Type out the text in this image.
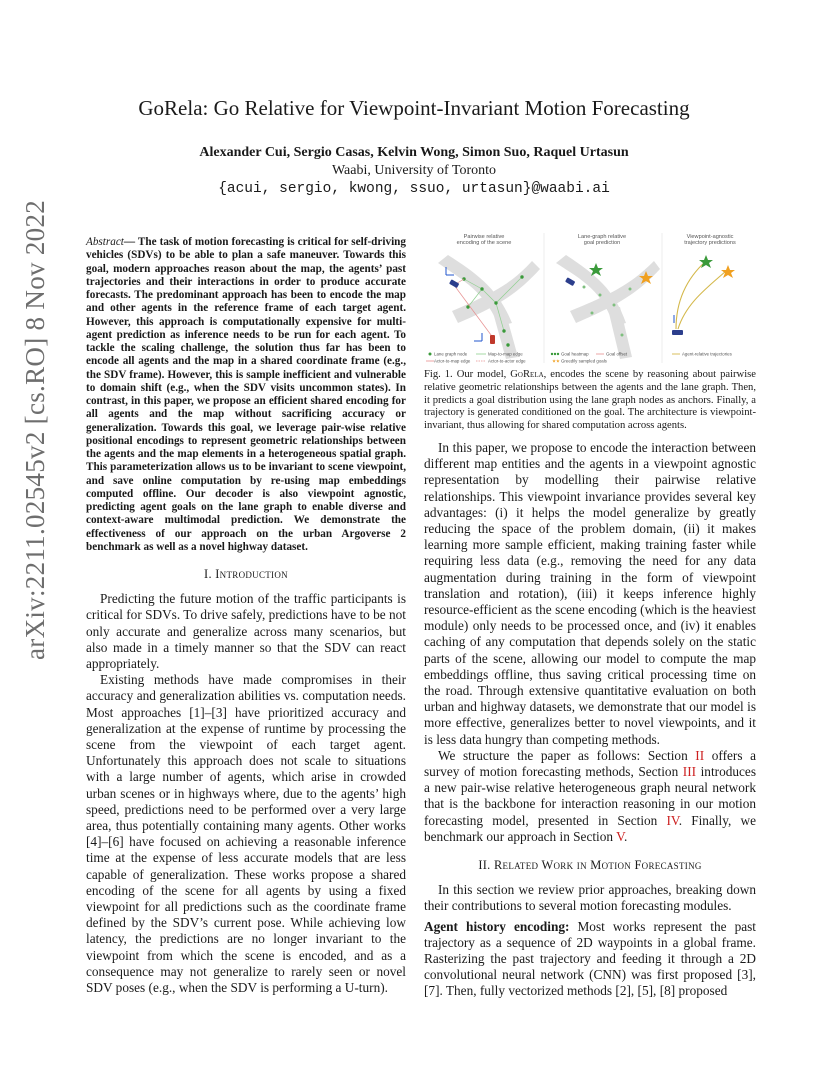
arXiv:2211.02545v2 [cs.RO] 8 Nov 2022
GoRela: Go Relative for Viewpoint-Invariant Motion Forecasting
Alexander Cui, Sergio Casas, Kelvin Wong, Simon Suo, Raquel Urtasun
Waabi, University of Toronto
{acui, sergio, kwong, ssuo, urtasun}@waabi.ai
Abstract— The task of motion forecasting is critical for self-driving vehicles (SDVs) to be able to plan a safe maneuver. Towards this goal, modern approaches reason about the map, the agents’ past trajectories and their interactions in order to produce accurate forecasts. The predominant approach has been to encode the map and other agents in the reference frame of each target agent. However, this approach is computationally expensive for multi-agent prediction as inference needs to be run for each agent. To tackle the scaling challenge, the solution thus far has been to encode all agents and the map in a shared coordinate frame (e.g., the SDV frame). However, this is sample inefficient and vulnerable to domain shift (e.g., when the SDV visits uncommon states). In contrast, in this paper, we propose an efficient shared encoding for all agents and the map without sacrificing accuracy or generalization. Towards this goal, we leverage pair-wise relative positional encodings to represent geometric relationships between the agents and the map elements in a heterogeneous spatial graph. This parameterization allows us to be invariant to scene viewpoint, and save online computation by re-using map embeddings computed offline. Our decoder is also viewpoint agnostic, predicting agent goals on the lane graph to enable diverse and context-aware multimodal prediction. We demonstrate the effectiveness of our approach on the urban Argoverse 2 benchmark as well as a novel highway dataset.
I. Introduction
Predicting the future motion of the traffic participants is critical for SDVs. To drive safely, predictions have to be not only accurate and generalize across many scenarios, but also made in a timely manner so that the SDV can react appropriately.
Existing methods have made compromises in their accuracy and generalization abilities vs. computation needs. Most approaches [1]–[3] have prioritized accuracy and generalization at the expense of runtime by processing the scene from the viewpoint of each target agent. Unfortunately this approach does not scale to situations with a large number of agents, which arise in crowded urban scenes or in highways where, due to the agents’ high speed, predictions need to be performed over a very large area, thus potentially containing many agents. Other works [4]–[6] have focused on achieving a reasonable inference time at the expense of less accurate models that are less capable of generalization. These works propose a shared encoding of the scene for all agents by using a fixed viewpoint for all predictions such as the coordinate frame defined by the SDV’s current pose. While achieving low latency, the predictions are no longer invariant to the viewpoint from which the scene is encoded, and as a consequence may not generalize to rarely seen or novel SDV poses (e.g., when the SDV is performing a U-turn).
Pairwise relative encoding of the scene
Lane-graph relative goal prediction
Viewpoint-agnostic trajectory predictions
Lane graph node	Map-to-map edge
Actor-to-map edge	Actor-to-actor edge
Goal heatmap	Goal offset
★★ Greedily sampled goals
Agent-relative trajectories
Fig. 1. Our model, GoRela, encodes the scene by reasoning about pairwise relative geometric relationships between the agents and the lane graph. Then, it predicts a goal distribution using the lane graph nodes as anchors. Finally, a trajectory is generated conditioned on the goal. The architecture is viewpoint-invariant, thus allowing for shared computation across agents.
In this paper, we propose to encode the interaction between different map entities and the agents in a viewpoint agnostic representation by modelling their pairwise relative relationships. This viewpoint invariance provides several key advantages: (i) it helps the model generalize by greatly reducing the space of the problem domain, (ii) it makes learning more sample efficient, making training faster while requiring less data (e.g., removing the need for any data augmentation during training in the form of viewpoint translation and rotation), (iii) it keeps inference highly resource-efficient as the scene encoding (which is the heaviest module) only needs to be processed once, and (iv) it enables caching of any computation that depends solely on the static parts of the scene, allowing our model to compute the map embeddings offline, thus saving critical processing time on the road. Through extensive quantitative evaluation on both urban and highway datasets, we demonstrate that our model is more effective, generalizes better to novel viewpoints, and it is less data hungry than competing methods.
We structure the paper as follows: Section II offers a survey of motion forecasting methods, Section III introduces a new pair-wise relative heterogeneous graph neural network that is the backbone for interaction reasoning in our motion forecasting model, presented in Section IV. Finally, we benchmark our approach in Section V.
II. Related Work in Motion Forecasting
In this section we review prior approaches, breaking down their contributions to several motion forecasting modules.
Agent history encoding: Most works represent the past trajectory as a sequence of 2D waypoints in a global frame. Rasterizing the past trajectory and feeding it through a 2D convolutional neural network (CNN) was first proposed [3], [7]. Then, fully vectorized methods [2], [5], [8] proposed
